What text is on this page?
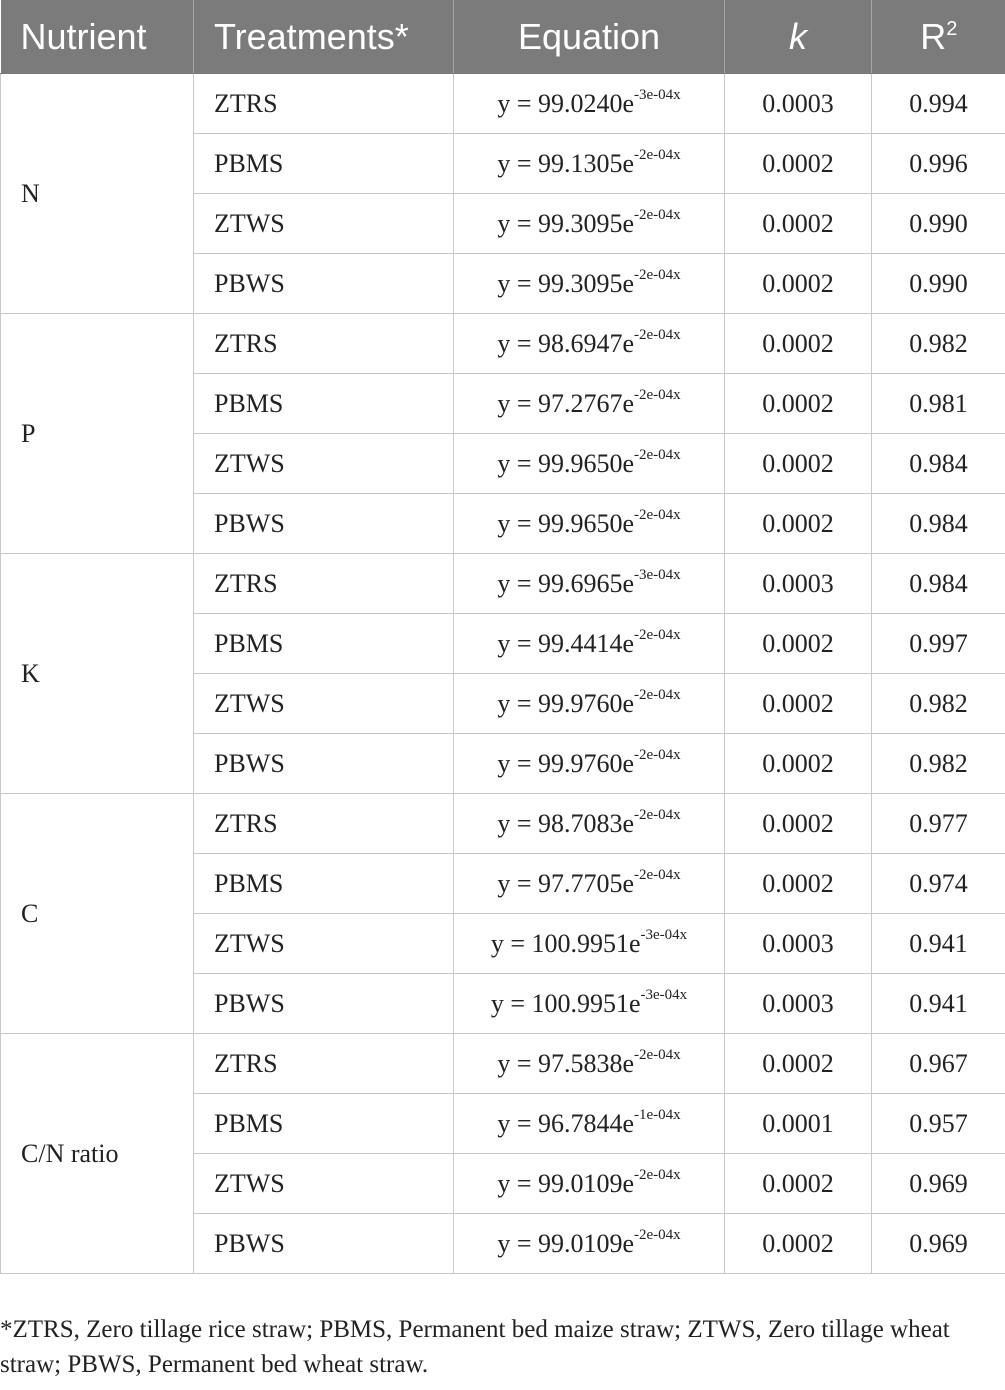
Nutrient	Treatments*	Equation	k	$R^2$
N	ZTRS	$y = 99.0240e^{-3e-04x}$	0.0003	0.994
	PBMS	$y = 99.1305e^{-2e-04x}$	0.0002	0.996
	ZTWS	$y = 99.3095e^{-2e-04x}$	0.0002	0.990
	PBWS	$y = 99.3095e^{-2e-04x}$	0.0002	0.990
P	ZTRS	$y = 98.6947e^{-2e-04x}$	0.0002	0.982
	PBMS	$y = 97.2767e^{-2e-04x}$	0.0002	0.981
	ZTWS	$y = 99.9650e^{-2e-04x}$	0.0002	0.984
	PBWS	$y = 99.9650e^{-2e-04x}$	0.0002	0.984
K	ZTRS	$y = 99.6965e^{-3e-04x}$	0.0003	0.984
	PBMS	$y = 99.4414e^{-2e-04x}$	0.0002	0.997
	ZTWS	$y = 99.9760e^{-2e-04x}$	0.0002	0.982
	PBWS	$y = 99.9760e^{-2e-04x}$	0.0002	0.982
C	ZTRS	$y = 98.7083e^{-2e-04x}$	0.0002	0.977
	PBMS	$y = 97.7705e^{-2e-04x}$	0.0002	0.974
	ZTWS	$y = 100.9951e^{-3e-04x}$	0.0003	0.941
	PBWS	$y = 100.9951e^{-3e-04x}$	0.0003	0.941
C/N ratio	ZTRS	$y = 97.5838e^{-2e-04x}$	0.0002	0.967
	PBMS	$y = 96.7844e^{-1e-04x}$	0.0001	0.957
	ZTWS	$y = 99.0109e^{-2e-04x}$	0.0002	0.969
	PBWS	$y = 99.0109e^{-2e-04x}$	0.0002	0.969
*ZTRS, Zero tillage rice straw; PBMS, Permanent bed maize straw; ZTWS, Zero tillage wheat straw; PBWS, Permanent bed wheat straw.
